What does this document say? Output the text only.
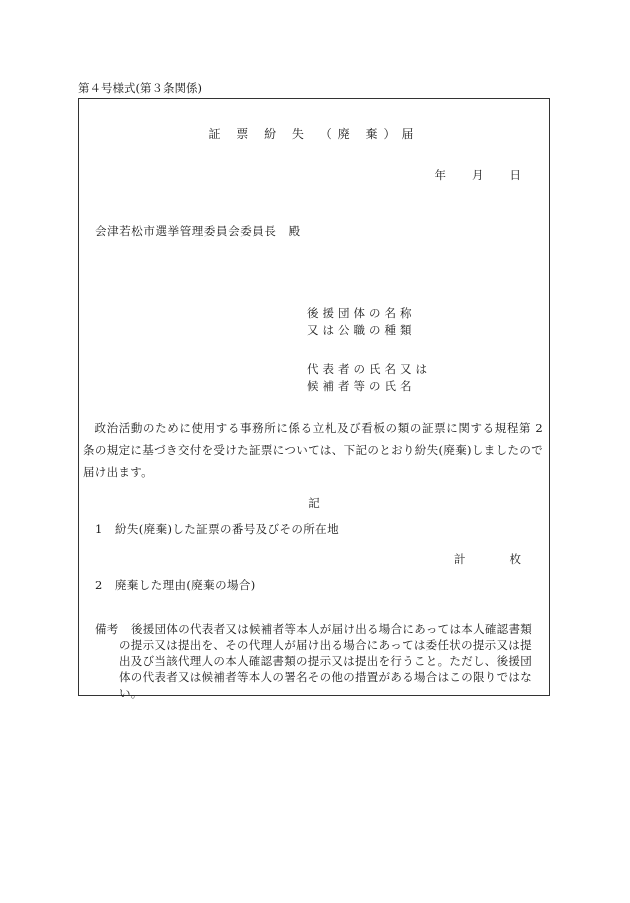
第４号様式(第３条関係)
証 票 紛 失 （廃 棄）届
年 月 日
会津若松市選挙管理委員会委員長　殿
後援団体の名称
又は公職の種類
代表者の氏名又は
候補者等の氏名
政治活動のために使用する事務所に係る立札及び看板の類の証票に関する規程第 2 条の規定に基づき交付を受けた証票については、下記のとおり紛失(廃棄)しましたので届け出ます。
記
1 紛失(廃棄)した証票の番号及びその所在地
計	枚
2 廃棄した理由(廃棄の場合)
備考	後援団体の代表者又は候補者等本人が届け出る場合にあっては本人確認書類の提示又は提出を、その代理人が届け出る場合にあっては委任状の提示又は提出及び当該代理人の本人確認書類の提示又は提出を行うこと。ただし、後援団体の代表者又は候補者等本人の署名その他の措置がある場合はこの限りではない。
